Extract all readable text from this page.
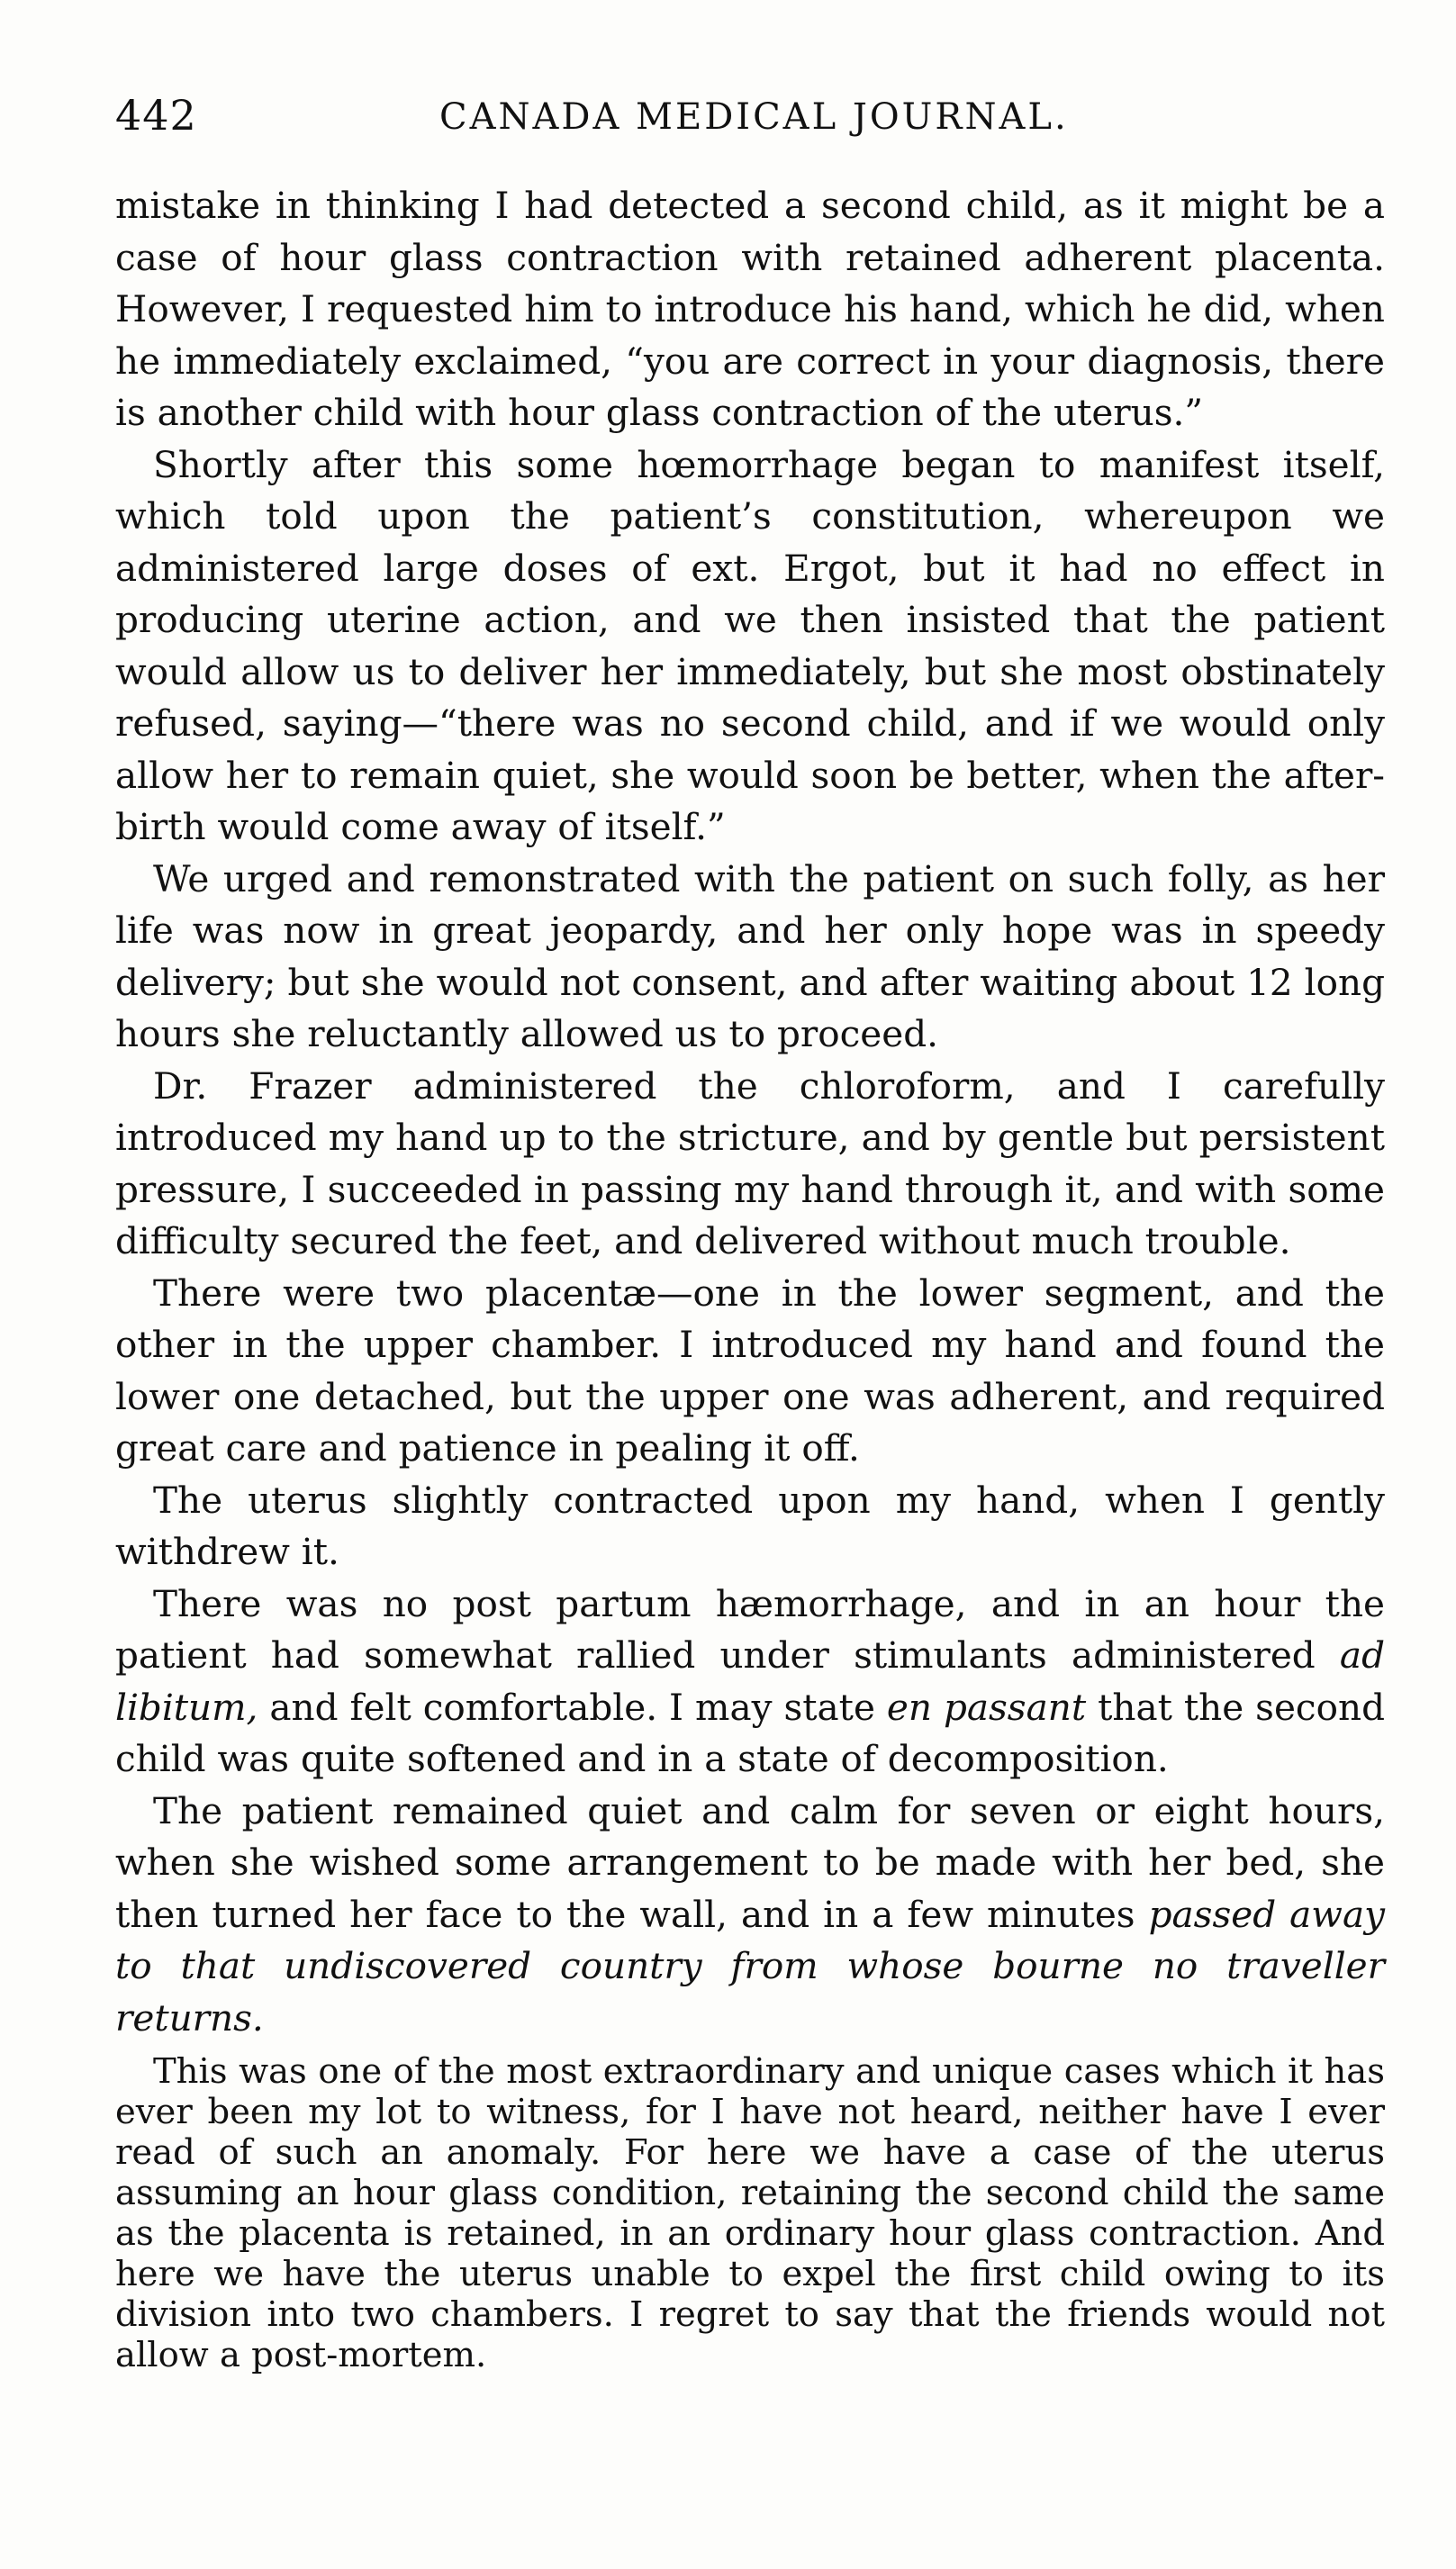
442	CANADA MEDICAL JOURNAL.

mistake in thinking I had detected a second child, as it might be a case of hour glass contraction with retained adherent placenta. However, I requested him to introduce his hand, which he did, when he immediately exclaimed, “you are correct in your diagnosis, there is another child with hour glass contraction of the uterus.”

Shortly after this some hœmorrhage began to manifest itself, which told upon the patient’s constitution, whereupon we administered large doses of ext. Ergot, but it had no effect in producing uterine action, and we then insisted that the patient would allow us to deliver her immediately, but she most obstinately refused, saying—“there was no second child, and if we would only allow her to remain quiet, she would soon be better, when the after-birth would come away of itself.”

We urged and remonstrated with the patient on such folly, as her life was now in great jeopardy, and her only hope was in speedy delivery; but she would not consent, and after waiting about 12 long hours she reluctantly allowed us to proceed.

Dr. Frazer administered the chloroform, and I carefully introduced my hand up to the stricture, and by gentle but persistent pressure, I succeeded in passing my hand through it, and with some difficulty secured the feet, and delivered without much trouble.

There were two placentæ—one in the lower segment, and the other in the upper chamber. I introduced my hand and found the lower one detached, but the upper one was adherent, and required great care and patience in pealing it off.

The uterus slightly contracted upon my hand, when I gently withdrew it.

There was no post partum hæmorrhage, and in an hour the patient had somewhat rallied under stimulants administered ad libitum, and felt comfortable. I may state en passant that the second child was quite softened and in a state of decomposition.

The patient remained quiet and calm for seven or eight hours, when she wished some arrangement to be made with her bed, she then turned her face to the wall, and in a few minutes passed away to that undiscovered country from whose bourne no traveller returns.

This was one of the most extraordinary and unique cases which it has ever been my lot to witness, for I have not heard, neither have I ever read of such an anomaly. For here we have a case of the uterus assuming an hour glass condition, retaining the second child the same as the placenta is retained, in an ordinary hour glass contraction. And here we have the uterus unable to expel the first child owing to its division into two chambers. I regret to say that the friends would not allow a post-mortem.
